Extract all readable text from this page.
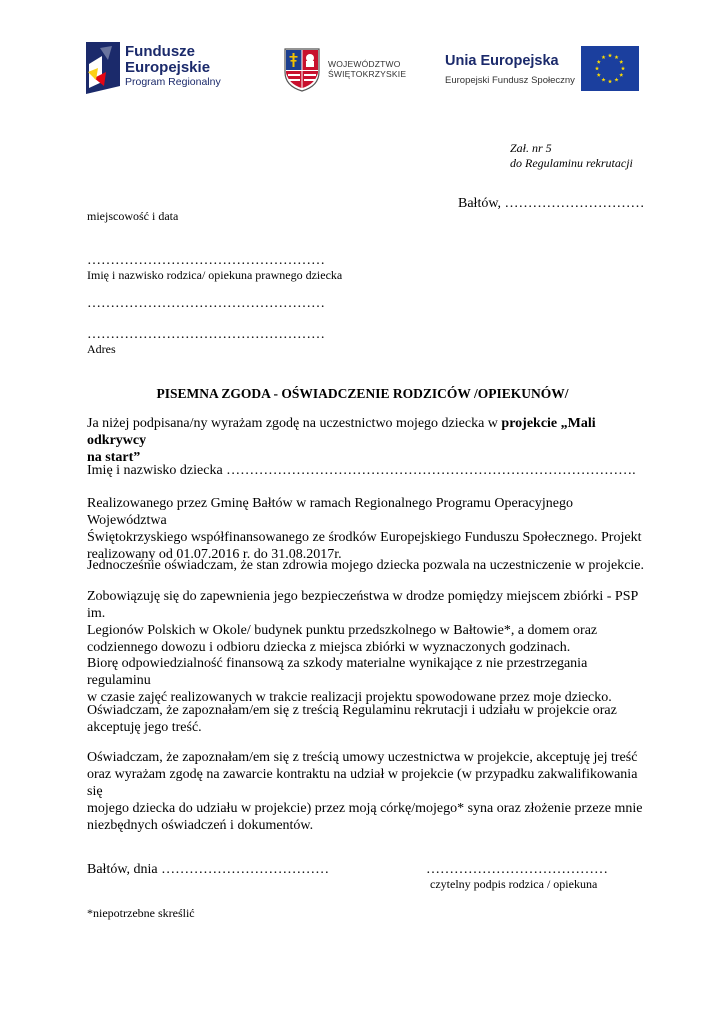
Fundusze
Europejskie
Program Regionalny
WOJEWÓDZTWO
ŚWIĘTOKRZYSKIE
Unia Europejska
Europejski Fundusz Społeczny
Zał. nr 5
do Regulaminu rekrutacji
Bałtów, …………………………
miejscowość i data
……………………………………………
Imię i nazwisko rodzica/ opiekuna prawnego dziecka
……………………………………………
……………………………………………
Adres
PISEMNA ZGODA - OŚWIADCZENIE RODZICÓW /OPIEKUNÓW/
Ja niżej podpisana/ny wyrażam zgodę na uczestnictwo mojego dziecka w projekcie „Mali odkrywcy
na start”
Imię i nazwisko dziecka …………………………………………………………………………….
Realizowanego przez Gminę Bałtów w ramach Regionalnego Programu Operacyjnego Województwa
Świętokrzyskiego współfinansowanego ze środków Europejskiego Funduszu Społecznego. Projekt
realizowany od 01.07.2016 r. do 31.08.2017r.
Jednocześnie oświadczam, że stan zdrowia mojego dziecka pozwala na uczestniczenie w projekcie.
Zobowiązuję się do zapewnienia jego bezpieczeństwa w drodze pomiędzy miejscem zbiórki - PSP im.
Legionów Polskich w Okole/ budynek punktu przedszkolnego w Bałtowie*, a domem oraz
codziennego dowozu i odbioru dziecka z miejsca zbiórki w wyznaczonych godzinach.
Biorę odpowiedzialność finansową za szkody materialne wynikające z nie przestrzegania regulaminu
w czasie zajęć realizowanych w trakcie realizacji projektu spowodowane przez moje dziecko.
Oświadczam, że zapoznałam/em się z treścią Regulaminu rekrutacji i udziału w projekcie oraz
akceptuję jego treść.
Oświadczam, że zapoznałam/em się z treścią umowy uczestnictwa w projekcie, akceptuję jej treść
oraz wyrażam zgodę na zawarcie kontraktu na udział w projekcie (w przypadku zakwalifikowania się
mojego dziecka do udziału w projekcie) przez moją córkę/mojego* syna oraz złożenie przeze mnie
niezbędnych oświadczeń i dokumentów.
Bałtów, dnia ………………………………	…………………………………
czytelny podpis rodzica / opiekuna
*niepotrzebne skreślić
